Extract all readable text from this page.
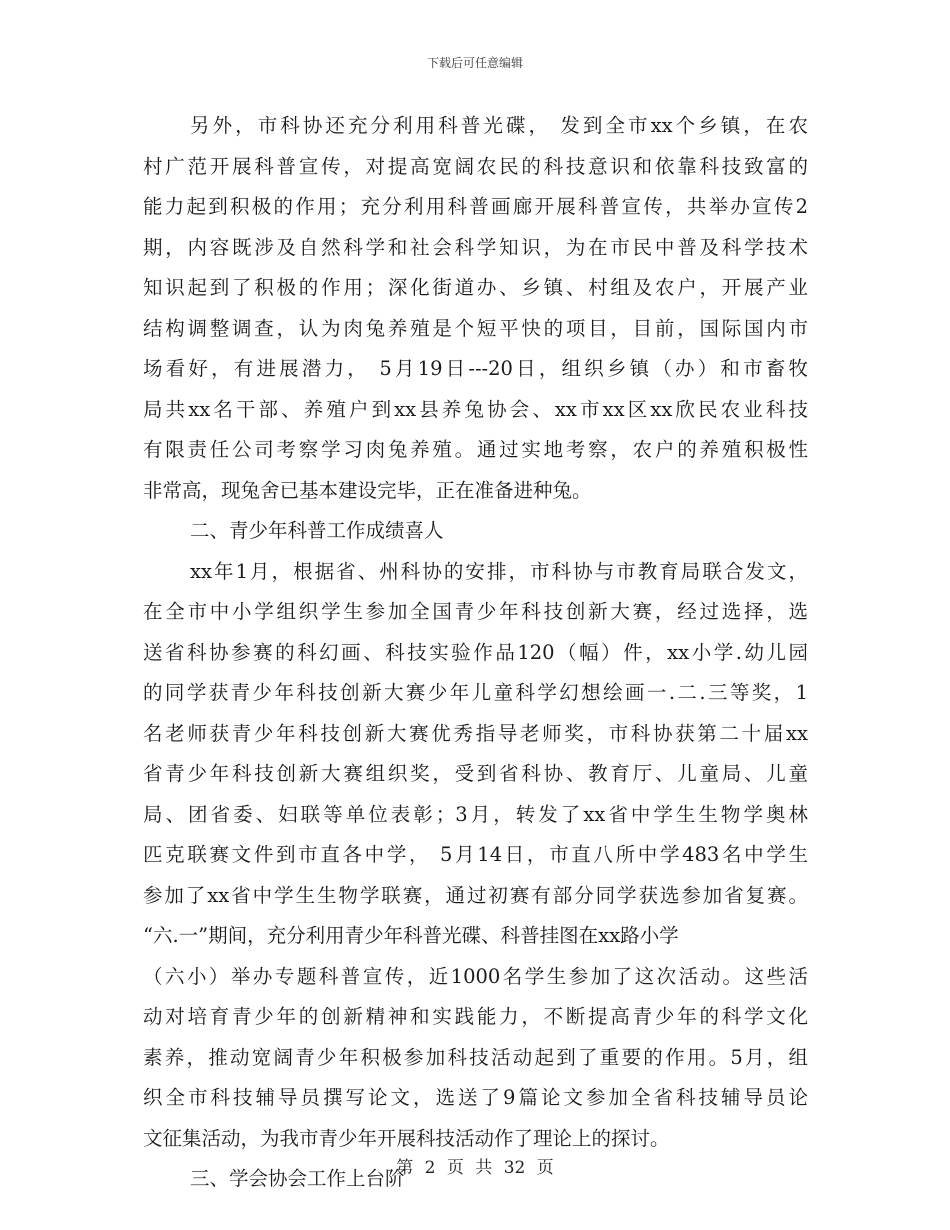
下载后可任意编辑
另外，市科协还充分利用科普光碟， 发到全市xx个乡镇，在农
村广范开展科普宣传，对提高宽阔农民的科技意识和依靠科技致富的
能力起到积极的作用；充分利用科普画廊开展科普宣传，共举办宣传2
期，内容既涉及自然科学和社会科学知识，为在市民中普及科学技术
知识起到了积极的作用；深化街道办、乡镇、村组及农户，开展产业
结构调整调查，认为肉兔养殖是个短平快的项目，目前，国际国内市
场看好，有进展潜力， 5月19日---20日，组织乡镇（办）和市畜牧
局共xx名干部、养殖户到xx县养兔协会、xx市xx区xx欣民农业科技
有限责任公司考察学习肉兔养殖。通过实地考察，农户的养殖积极性
非常高，现兔舍已基本建设完毕，正在准备进种兔。
二、青少年科普工作成绩喜人
xx年1月，根据省、州科协的安排，市科协与市教育局联合发文，
在全市中小学组织学生参加全国青少年科技创新大赛，经过选择，选
送省科协参赛的科幻画、科技实验作品120（幅）件，xx小学.幼儿园
的同学获青少年科技创新大赛少年儿童科学幻想绘画一.二.三等奖，1
名老师获青少年科技创新大赛优秀指导老师奖，市科协获第二十届xx
省青少年科技创新大赛组织奖，受到省科协、教育厅、儿童局、儿童
局、团省委、妇联等单位表彰；3月，转发了xx省中学生生物学奥林
匹克联赛文件到市直各中学， 5月14日，市直八所中学483名中学生
参加了xx省中学生生物学联赛，通过初赛有部分同学获选参加省复赛。
“六.一”期间，充分利用青少年科普光碟、科普挂图在xx路小学
（六小）举办专题科普宣传，近1000名学生参加了这次活动。这些活
动对培育青少年的创新精神和实践能力，不断提高青少年的科学文化
素养，推动宽阔青少年积极参加科技活动起到了重要的作用。5月，组
织全市科技辅导员撰写论文，选送了9篇论文参加全省科技辅导员论
文征集活动，为我市青少年开展科技活动作了理论上的探讨。
三、学会协会工作上台阶
第 2 页 共 32 页
